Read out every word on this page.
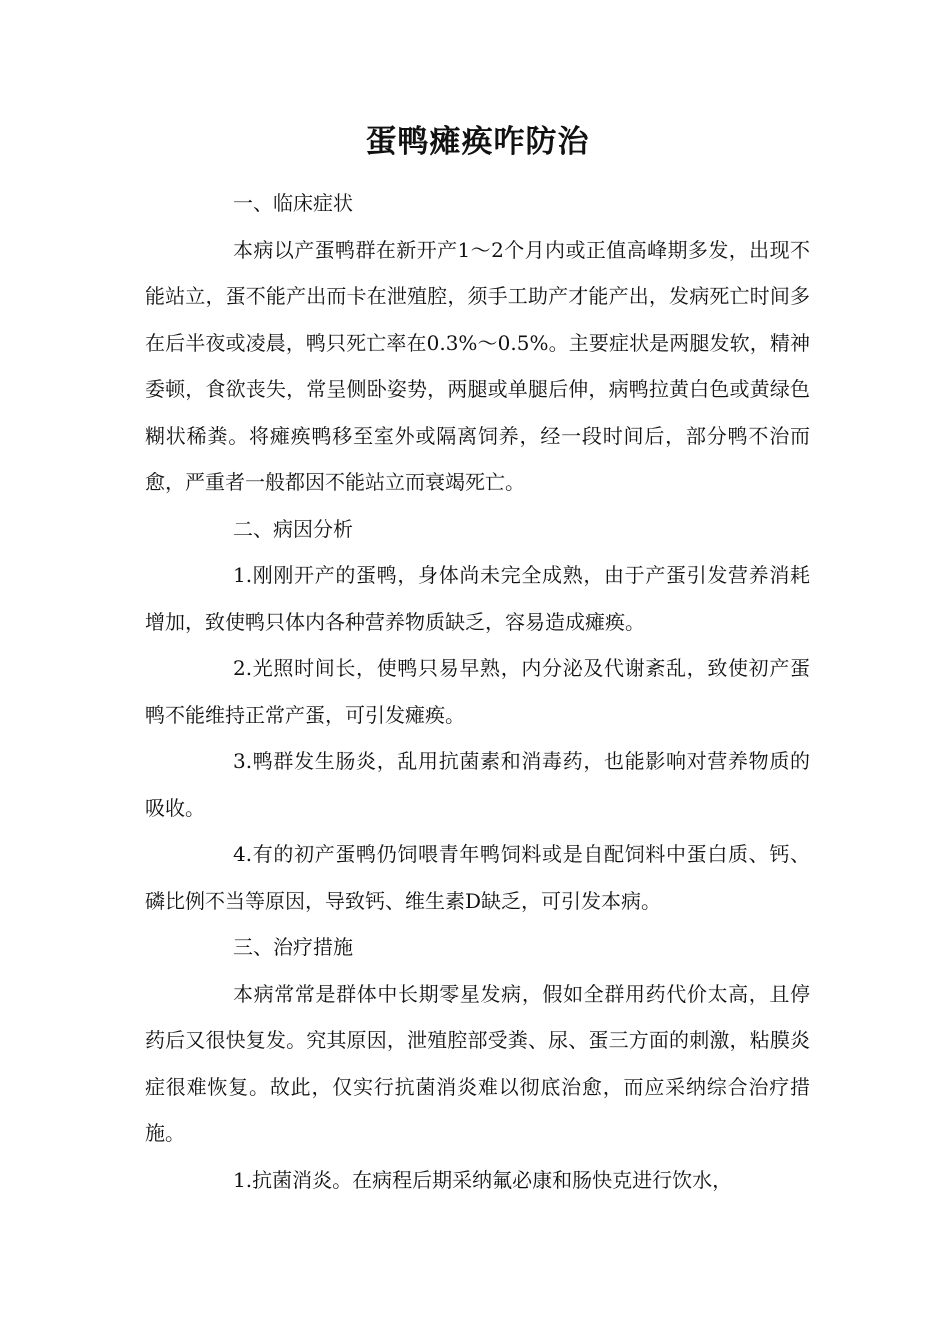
蛋鸭瘫痪咋防治

一、临床症状

本病以产蛋鸭群在新开产1～2个月内或正值高峰期多发，出现不能站立，蛋不能产出而卡在泄殖腔，须手工助产才能产出，发病死亡时间多在后半夜或凌晨，鸭只死亡率在0.3%～0.5%。主要症状是两腿发软，精神委顿，食欲丧失，常呈侧卧姿势，两腿或单腿后伸，病鸭拉黄白色或黄绿色糊状稀粪。将瘫痪鸭移至室外或隔离饲养，经一段时间后，部分鸭不治而愈，严重者一般都因不能站立而衰竭死亡。

二、病因分析

1.刚刚开产的蛋鸭，身体尚未完全成熟，由于产蛋引发营养消耗增加，致使鸭只体内各种营养物质缺乏，容易造成瘫痪。

2.光照时间长，使鸭只易早熟，内分泌及代谢紊乱，致使初产蛋鸭不能维持正常产蛋，可引发瘫痪。

3.鸭群发生肠炎，乱用抗菌素和消毒药，也能影响对营养物质的吸收。

4.有的初产蛋鸭仍饲喂青年鸭饲料或是自配饲料中蛋白质、钙、磷比例不当等原因，导致钙、维生素D缺乏，可引发本病。

三、治疗措施

本病常常是群体中长期零星发病，假如全群用药代价太高，且停药后又很快复发。究其原因，泄殖腔部受粪、尿、蛋三方面的刺激，粘膜炎症很难恢复。故此，仅实行抗菌消炎难以彻底治愈，而应采纳综合治疗措施。

1.抗菌消炎。在病程后期采纳氟必康和肠快克进行饮水，
